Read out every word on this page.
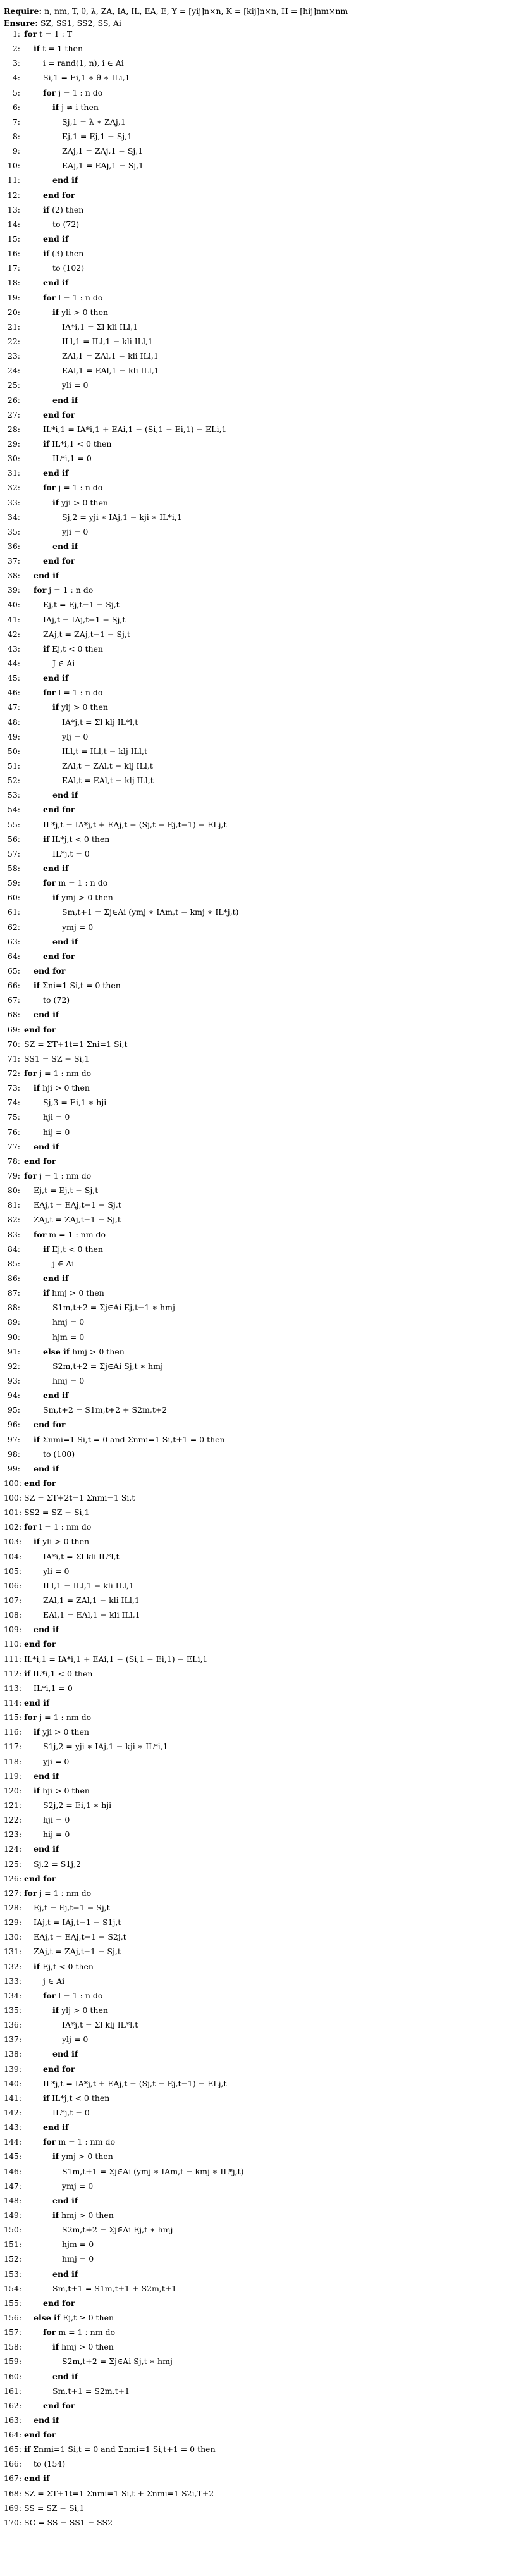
Require: n, nm, T, θ, λ, ZA, IA, IL, EA, E, Y = [yij]n×n, K = [kij]n×n, H = [hij]nm×nm
Ensure: SZ, SS1, SS2, SS, Ai
1: for t = 1 : T
2:	if t = 1 then
3:	i = rand(1, n), i ∈ Ai
4:	Si,1 = Ei,1 ∗ θ ∗ ILi,1
5:	for j = 1 : n do
6:	if j ≠ i then
7:	Sj,1 = λ ∗ ZAj,1
8:	Ej,1 = Ej,1 − Sj,1
9:	ZAj,1 = ZAj,1 − Sj,1
10:	EAj,1 = EAj,1 − Sj,1
11:	end if
12:	end for
13:	if (2) then
14:	to (72)
15:	end if
16:	if (3) then
17:	to (102)
18:	end if
19:	for l = 1 : n do
20:	if yli > 0 then
21:	IA*i,1 = Σl kli ILl,1
22:	ILl,1 = ILl,1 − kli ILl,1
23:	ZAl,1 = ZAl,1 − kli ILl,1
24:	EAl,1 = EAl,1 − kli ILl,1
25:	yli = 0
26:	end if
27:	end for
28:	IL*i,1 = IA*i,1 + EAi,1 − (Si,1 − Ei,1) − ELi,1
29:	if IL*i,1 < 0 then
30:	IL*i,1 = 0
31:	end if
32:	for j = 1 : n do
33:	if yji > 0 then
34:	Sj,2 = yji ∗ IAj,1 − kji ∗ IL*i,1
35:	yji = 0
36:	end if
37:	end for
38:	end if
39:	for j = 1 : n do
40:	Ej,t = Ej,t−1 − Sj,t
41:	IAj,t = IAj,t−1 − Sj,t
42:	ZAj,t = ZAj,t−1 − Sj,t
43:	if Ej,t < 0 then
44:	J ∈ Ai
45:	end if
46:	for l = 1 : n do
47:	if ylj > 0 then
48:	IA*j,t = Σl klj IL*l,t
49:	ylj = 0
50:	ILl,t = ILl,t − klj ILl,t
51:	ZAl,t = ZAl,t − klj ILl,t
52:	EAl,t = EAl,t − klj ILl,t
53:	end if
54:	end for
55:	IL*j,t = IA*j,t + EAj,t − (Sj,t − Ej,t−1) − ELj,t
56:	if IL*j,t < 0 then
57:	IL*j,t = 0
58:	end if
59:	for m = 1 : n do
60:	if ymj > 0 then
61:	Sm,t+1 = Σj∈Ai (ymj ∗ IAm,t − kmj ∗ IL*j,t)
62:	ymj = 0
63:	end if
64:	end for
65:	end for
66:	if Σni=1 Si,t = 0 then
67:	to (72)
68:	end if
69: end for
70: SZ = ΣT+1t=1 Σni=1 Si,t
71: SS1 = SZ − Si,1
72: for j = 1 : nm do
73:	if hji > 0 then
74:	Sj,3 = Ei,1 ∗ hji
75:	hji = 0
76:	hij = 0
77:	end if
78: end for
79: for j = 1 : nm do
80:	Ej,t = Ej,t − Sj,t
81:	EAj,t = EAj,t−1 − Sj,t
82:	ZAj,t = ZAj,t−1 − Sj,t
83:	for m = 1 : nm do
84:	if Ej,t < 0 then
85:	j ∈ Ai
86:	end if
87:	if hmj > 0 then
88:	S1m,t+2 = Σj∈Ai Ej,t−1 ∗ hmj
89:	hmj = 0
90:	hjm = 0
91:	else if hmj > 0 then
92:	S2m,t+2 = Σj∈Ai Sj,t ∗ hmj
93:	hmj = 0
94:	end if
95:	Sm,t+2 = S1m,t+2 + S2m,t+2
96:	end for
97:	if Σnmi=1 Si,t = 0 and Σnmi=1 Si,t+1 = 0 then
98:	to (100)
99:	end if
100: end for
100: SZ = ΣT+2t=1 Σnmi=1 Si,t
101: SS2 = SZ − Si,1
102: for l = 1 : nm do
103:	if yli > 0 then
104:	IA*i,t = Σl kli IL*l,t
105:	yli = 0
106:	ILl,1 = ILl,1 − kli ILl,1
107:	ZAl,1 = ZAl,1 − kli ILl,1
108:	EAl,1 = EAl,1 − kli ILl,1
109:	end if
110: end for
111: IL*i,1 = IA*i,1 + EAi,1 − (Si,1 − Ei,1) − ELi,1
112: if IL*i,1 < 0 then
113:	IL*i,1 = 0
114: end if
115: for j = 1 : nm do
116:	if yji > 0 then
117:	S1j,2 = yji ∗ IAj,1 − kji ∗ IL*i,1
118:	yji = 0
119:	end if
120:	if hji > 0 then
121:	S2j,2 = Ei,1 ∗ hji
122:	hji = 0
123:	hij = 0
124:	end if
125:	Sj,2 = S1j,2
126: end for
127: for j = 1 : nm do
128:	Ej,t = Ej,t−1 − Sj,t
129:	IAj,t = IAj,t−1 − S1j,t
130:	EAj,t = EAj,t−1 − S2j,t
131:	ZAj,t = ZAj,t−1 − Sj,t
132:	if Ej,t < 0 then
133:	j ∈ Ai
134:	for l = 1 : n do
135:	if ylj > 0 then
136:	IA*j,t = Σl klj IL*l,t
137:	ylj = 0
138:	end if
139:	end for
140:	IL*j,t = IA*j,t + EAj,t − (Sj,t − Ej,t−1) − ELj,t
141:	if IL*j,t < 0 then
142:	IL*j,t = 0
143:	end if
144:	for m = 1 : nm do
145:	if ymj > 0 then
146:	S1m,t+1 = Σj∈Ai (ymj ∗ IAm,t − kmj ∗ IL*j,t)
147:	ymj = 0
148:	end if
149:	if hmj > 0 then
150:	S2m,t+2 = Σj∈Ai Ej,t ∗ hmj
151:	hjm = 0
152:	hmj = 0
153:	end if
154:	Sm,t+1 = S1m,t+1 + S2m,t+1
155:	end for
156:	else if Ej,t ≥ 0 then
157:	for m = 1 : nm do
158:	if hmj > 0 then
159:	S2m,t+2 = Σj∈Ai Sj,t ∗ hmj
160:	end if
161:	Sm,t+1 = S2m,t+1
162:	end for
163:	end if
164: end for
165: if Σnmi=1 Si,t = 0 and Σnmi=1 Si,t+1 = 0 then
166:	to (154)
167: end if
168: SZ = ΣT+1t=1 Σnmi=1 Si,t + Σnmi=1 S2i,T+2
169: SS = SZ − Si,1
170: SC = SS − SS1 − SS2
